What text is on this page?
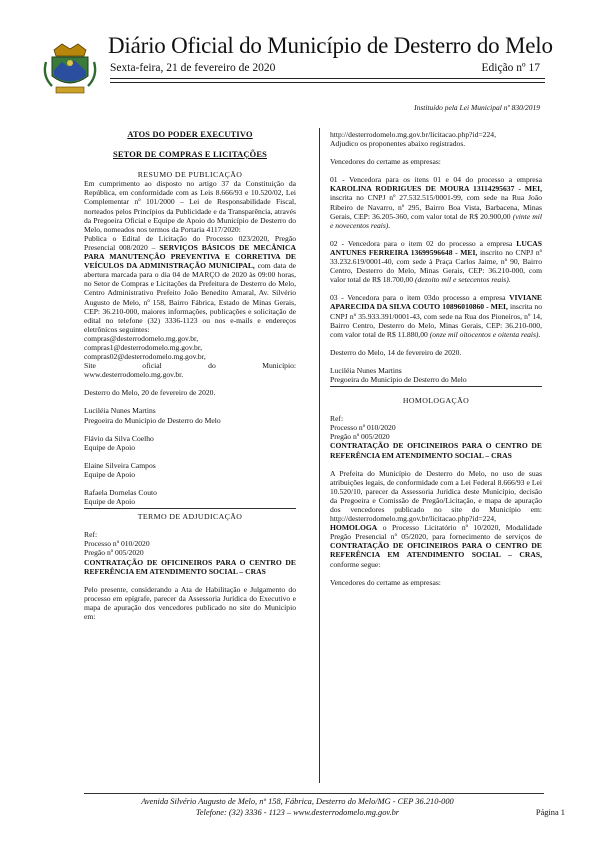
Diário Oficial do Município de Desterro do Melo
Sexta-feira, 21 de fevereiro de 2020	Edição nº 17
Instituído pela Lei Municipal nº 830/2019
ATOS DO PODER EXECUTIVO
SETOR DE COMPRAS E LICITAÇÕES
RESUMO DE PUBLICAÇÃO

Em cumprimento ao disposto no artigo 37 da Constituição da República, em conformidade com as Leis 8.666/93 e 10.520/02, Lei Complementar nº 101/2000 – Lei de Responsabilidade Fiscal, norteados pelos Princípios da Publicidade e da Transparência, através da Pregoeira Oficial e Equipe de Apoio do Município de Desterro do Melo, nomeados nos termos da Portaria 4117/2020:

Publica o Edital de Licitação do Processo 023/2020, Pregão Presencial 008/2020 – SERVIÇOS BÁSICOS DE MECÂNICA PARA MANUTENÇÃO PREVENTIVA E CORRETIVA DE VEÍCULOS DA ADMINISTRAÇÃO MUNICIPAL, com data de abertura marcada para o dia 04 de MARÇO de 2020 às 09:00 horas, no Setor de Compras e Licitações da Prefeitura de Desterro do Melo, Centro Administrativo Prefeito João Benedito Amaral, Av. Silvério Augusto de Melo, nº 158, Bairro Fábrica, Estado de Minas Gerais, CEP: 36.210-000, maiores informações, publicações e solicitação de edital no telefone (32) 3336-1123 ou nos e-mails e endereços eletrônicos seguintes:

compras@desterrodomelo.mg.gov.br,
compras1@desterrodomelo.mg.gov.br,
compras02@desterrodomelo.mg.gov.br,
Site oficial do Município:
www.desterrodomelo.mg.gov.br.
Desterro do Melo, 20 de fevereiro de 2020.
Luciléia Nunes Martins
Pregoeira do Município de Desterro do Melo
Flávio da Silva Coelho
Equipe de Apoio
Elaine Silveira Campos
Equipe de Apoio
Rafaela Dornelas Couto
Equipe de Apoio
TERMO DE ADJUDICAÇÃO
Ref:
Processo nº 010/2020
Pregão nº 005/2020

CONTRATAÇÃO DE OFICINEIROS PARA O CENTRO DE REFERÊNCIA EM ATENDIMENTO SOCIAL – CRAS

Pelo presente, considerando a Ata de Habilitação e Julgamento do processo em epígrafe, parecer da Assessoria Jurídica do Executivo e mapa de apuração dos vencedores publicado no site do Município em:

http://desterrodomelo.mg.gov.br/licitacao.php?id=224,
Adjudico os proponentes abaixo registrados.
Vencedores do certame as empresas:

01 - Vencedora para os itens 01 e 04 do processo a empresa KAROLINA RODRIGUES DE MOURA 13114295637 - MEI, inscrita no CNPJ nº 27.532.515/0001-99, com sede na Rua João Ribeiro de Navarro, nº 295, Bairro Boa Vista, Barbacena, Minas Gerais, CEP: 36.205-360, com valor total de R$ 20.900,00 (vinte mil e novecentos reais).

02 - Vencedora para o item 02 do processo a empresa LUCAS ANTUNES FERREIRA 13699596648 - MEI, inscrito no CNPJ nº 33.232.619/0001-40, com sede à Praça Carlos Jaime, nº 90, Bairro Centro, Desterro do Melo, Minas Gerais, CEP: 36.210-000, com valor total de R$ 18.700,00 (dezoito mil e setecentos reais).

03 - Vencedora para o item 03do processo a empresa VIVIANE APARECIDA DA SILVA COUTO 10896010860 - MEI, inscrita no CNPJ nº 35.933.391/0001-43, com sede na Rua dos Pioneiros, nº 14, Bairro Centro, Desterro do Melo, Minas Gerais, CEP: 36.210-000, com valor total de R$ 11.880,00 (onze mil oitocentos e oitenta reais).

Desterro do Melo, 14 de fevereiro de 2020.
Luciléia Nunes Martins
Pregoeira do Município de Desterro do Melo
HOMOLOGAÇÃO
Ref:
Processo nº 010/2020
Pregão nº 005/2020

CONTRATAÇÃO DE OFICINEIROS PARA O CENTRO DE REFERÊNCIA EM ATENDIMENTO SOCIAL – CRAS

A Prefeita do Município de Desterro do Melo, no uso de suas atribuições legais, de conformidade com a Lei Federal 8.666/93 e Lei 10.520/10, parecer da Assessoria Jurídica deste Município, decisão da Pregoeira e Comissão de Pregão/Licitação, e mapa de apuração dos vencedores publicado no site do Município em: http://desterrodomelo.mg.gov.br/licitacao.php?id=224, HOMOLOGA o Processo Licitatório nº 10/2020, Modalidade Pregão Presencial nº 05/2020, para fornecimento de serviços de CONTRATAÇÃO DE OFICINEIROS PARA O CENTRO DE REFERÊNCIA EM ATENDIMENTO SOCIAL – CRAS, conforme segue:

Vencedores do certame as empresas:
Avenida Silvério Augusto de Melo, nº 158, Fábrica, Desterro do Melo/MG - CEP 36.210-000
Telefone: (32) 3336 - 1123 – www.desterrodomelo.mg.gov.br	Página 1
